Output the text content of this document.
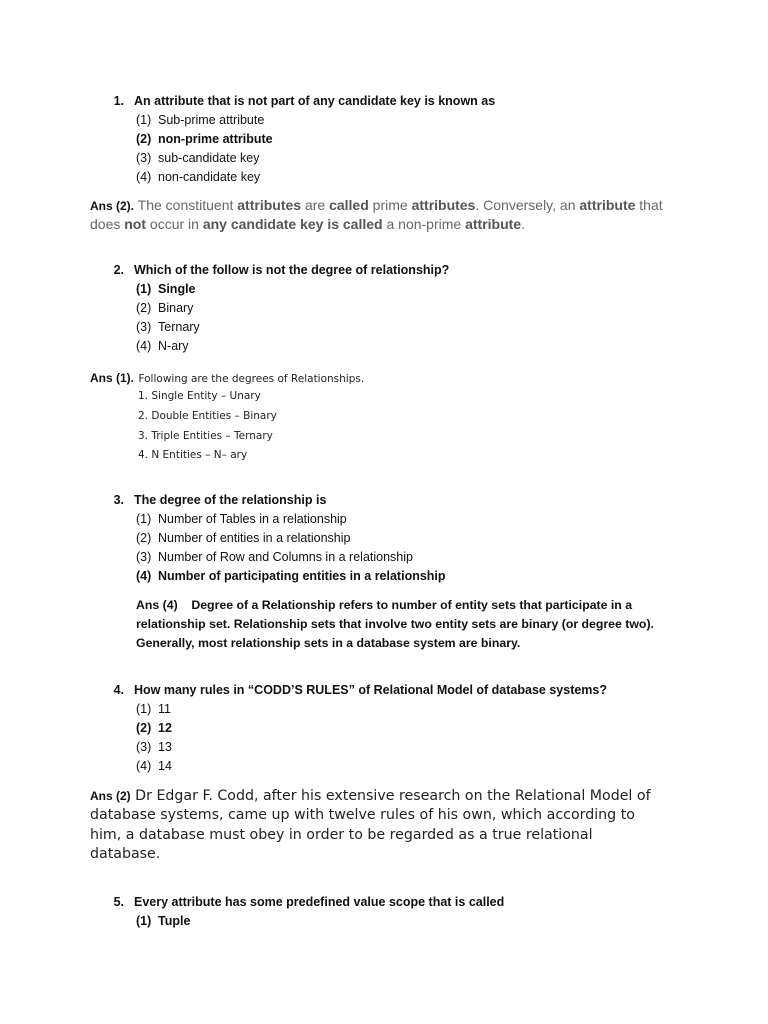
1. An attribute that is not part of any candidate key is known as
(1) Sub-prime attribute
(2) non-prime attribute
(3) sub-candidate key
(4) non-candidate key
Ans (2). The constituent attributes are called prime attributes. Conversely, an attribute that
does not occur in any candidate key is called a non-prime attribute.
2. Which of the follow is not the degree of relationship?
(1) Single
(2) Binary
(3) Ternary
(4) N-ary
Ans (1). Following are the degrees of Relationships.
1. Single Entity – Unary
2. Double Entities – Binary
3. Triple Entities – Ternary
4. N Entities – N– ary
3. The degree of the relationship is
(1) Number of Tables in a relationship
(2) Number of entities in a relationship
(3) Number of Row and Columns in a relationship
(4) Number of participating entities in a relationship
Ans (4)    Degree of a Relationship refers to number of entity sets that participate in a
relationship set. Relationship sets that involve two entity sets are binary (or degree two).
Generally, most relationship sets in a database system are binary.
4. How many rules in “CODD’S RULES” of Relational Model of database systems?
(1) 11
(2) 12
(3) 13
(4) 14
Ans (2) Dr Edgar F. Codd, after his extensive research on the Relational Model of
database systems, came up with twelve rules of his own, which according to
him, a database must obey in order to be regarded as a true relational
database.
5. Every attribute has some predefined value scope that is called
(1) Tuple
